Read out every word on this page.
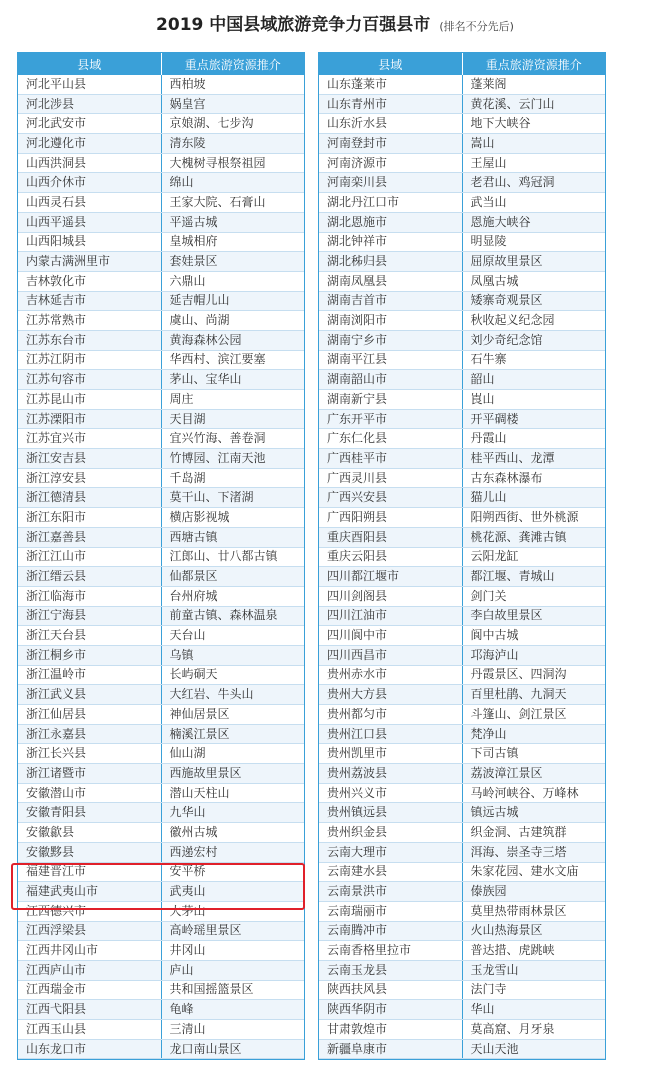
2019 中国县域旅游竞争力百强县市 (排名不分先后)
县域	重点旅游资源推介
河北平山县	西柏坡
河北涉县	娲皇宫
河北武安市	京娘湖、七步沟
河北遵化市	清东陵
山西洪洞县	大槐树寻根祭祖园
山西介休市	绵山
山西灵石县	王家大院、石膏山
山西平遥县	平遥古城
山西阳城县	皇城相府
内蒙古满洲里市	套娃景区
吉林敦化市	六鼎山
吉林延吉市	延吉帽儿山
江苏常熟市	虞山、尚湖
江苏东台市	黄海森林公园
江苏江阴市	华西村、滨江要塞
江苏句容市	茅山、宝华山
江苏昆山市	周庄
江苏溧阳市	天目湖
江苏宜兴市	宜兴竹海、善卷洞
浙江安吉县	竹博园、江南天池
浙江淳安县	千岛湖
浙江德清县	莫干山、下渚湖
浙江东阳市	横店影视城
浙江嘉善县	西塘古镇
浙江江山市	江郎山、廿八都古镇
浙江缙云县	仙都景区
浙江临海市	台州府城
浙江宁海县	前童古镇、森林温泉
浙江天台县	天台山
浙江桐乡市	乌镇
浙江温岭市	长屿硐天
浙江武义县	大红岩、牛头山
浙江仙居县	神仙居景区
浙江永嘉县	楠溪江景区
浙江长兴县	仙山湖
浙江诸暨市	西施故里景区
安徽潜山市	潜山天柱山
安徽青阳县	九华山
安徽歙县	徽州古城
安徽黟县	西递宏村
福建晋江市	安平桥
福建武夷山市	武夷山
江西德兴市	大茅山
江西浮梁县	高岭瑶里景区
江西井冈山市	井冈山
江西庐山市	庐山
江西瑞金市	共和国摇篮景区
江西弋阳县	龟峰
江西玉山县	三清山
山东龙口市	龙口南山景区
县域	重点旅游资源推介
山东蓬莱市	蓬莱阁
山东青州市	黄花溪、云门山
山东沂水县	地下大峡谷
河南登封市	嵩山
河南济源市	王屋山
河南栾川县	老君山、鸡冠洞
湖北丹江口市	武当山
湖北恩施市	恩施大峡谷
湖北钟祥市	明显陵
湖北秭归县	屈原故里景区
湖南凤凰县	凤凰古城
湖南吉首市	矮寨奇观景区
湖南浏阳市	秋收起义纪念园
湖南宁乡市	刘少奇纪念馆
湖南平江县	石牛寨
湖南韶山市	韶山
湖南新宁县	崀山
广东开平市	开平碉楼
广东仁化县	丹霞山
广西桂平市	桂平西山、龙潭
广西灵川县	古东森林瀑布
广西兴安县	猫儿山
广西阳朔县	阳朔西街、世外桃源
重庆酉阳县	桃花源、龚滩古镇
重庆云阳县	云阳龙缸
四川都江堰市	都江堰、青城山
四川剑阁县	剑门关
四川江油市	李白故里景区
四川阆中市	阆中古城
四川西昌市	邛海泸山
贵州赤水市	丹霞景区、四洞沟
贵州大方县	百里杜鹃、九洞天
贵州都匀市	斗篷山、剑江景区
贵州江口县	梵净山
贵州凯里市	下司古镇
贵州荔波县	荔波漳江景区
贵州兴义市	马岭河峡谷、万峰林
贵州镇远县	镇远古城
贵州织金县	织金洞、古建筑群
云南大理市	洱海、崇圣寺三塔
云南建水县	朱家花园、建水文庙
云南景洪市	傣族园
云南瑞丽市	莫里热带雨林景区
云南腾冲市	火山热海景区
云南香格里拉市	普达措、虎跳峡
云南玉龙县	玉龙雪山
陕西扶风县	法门寺
陕西华阴市	华山
甘肃敦煌市	莫高窟、月牙泉
新疆阜康市	天山天池
